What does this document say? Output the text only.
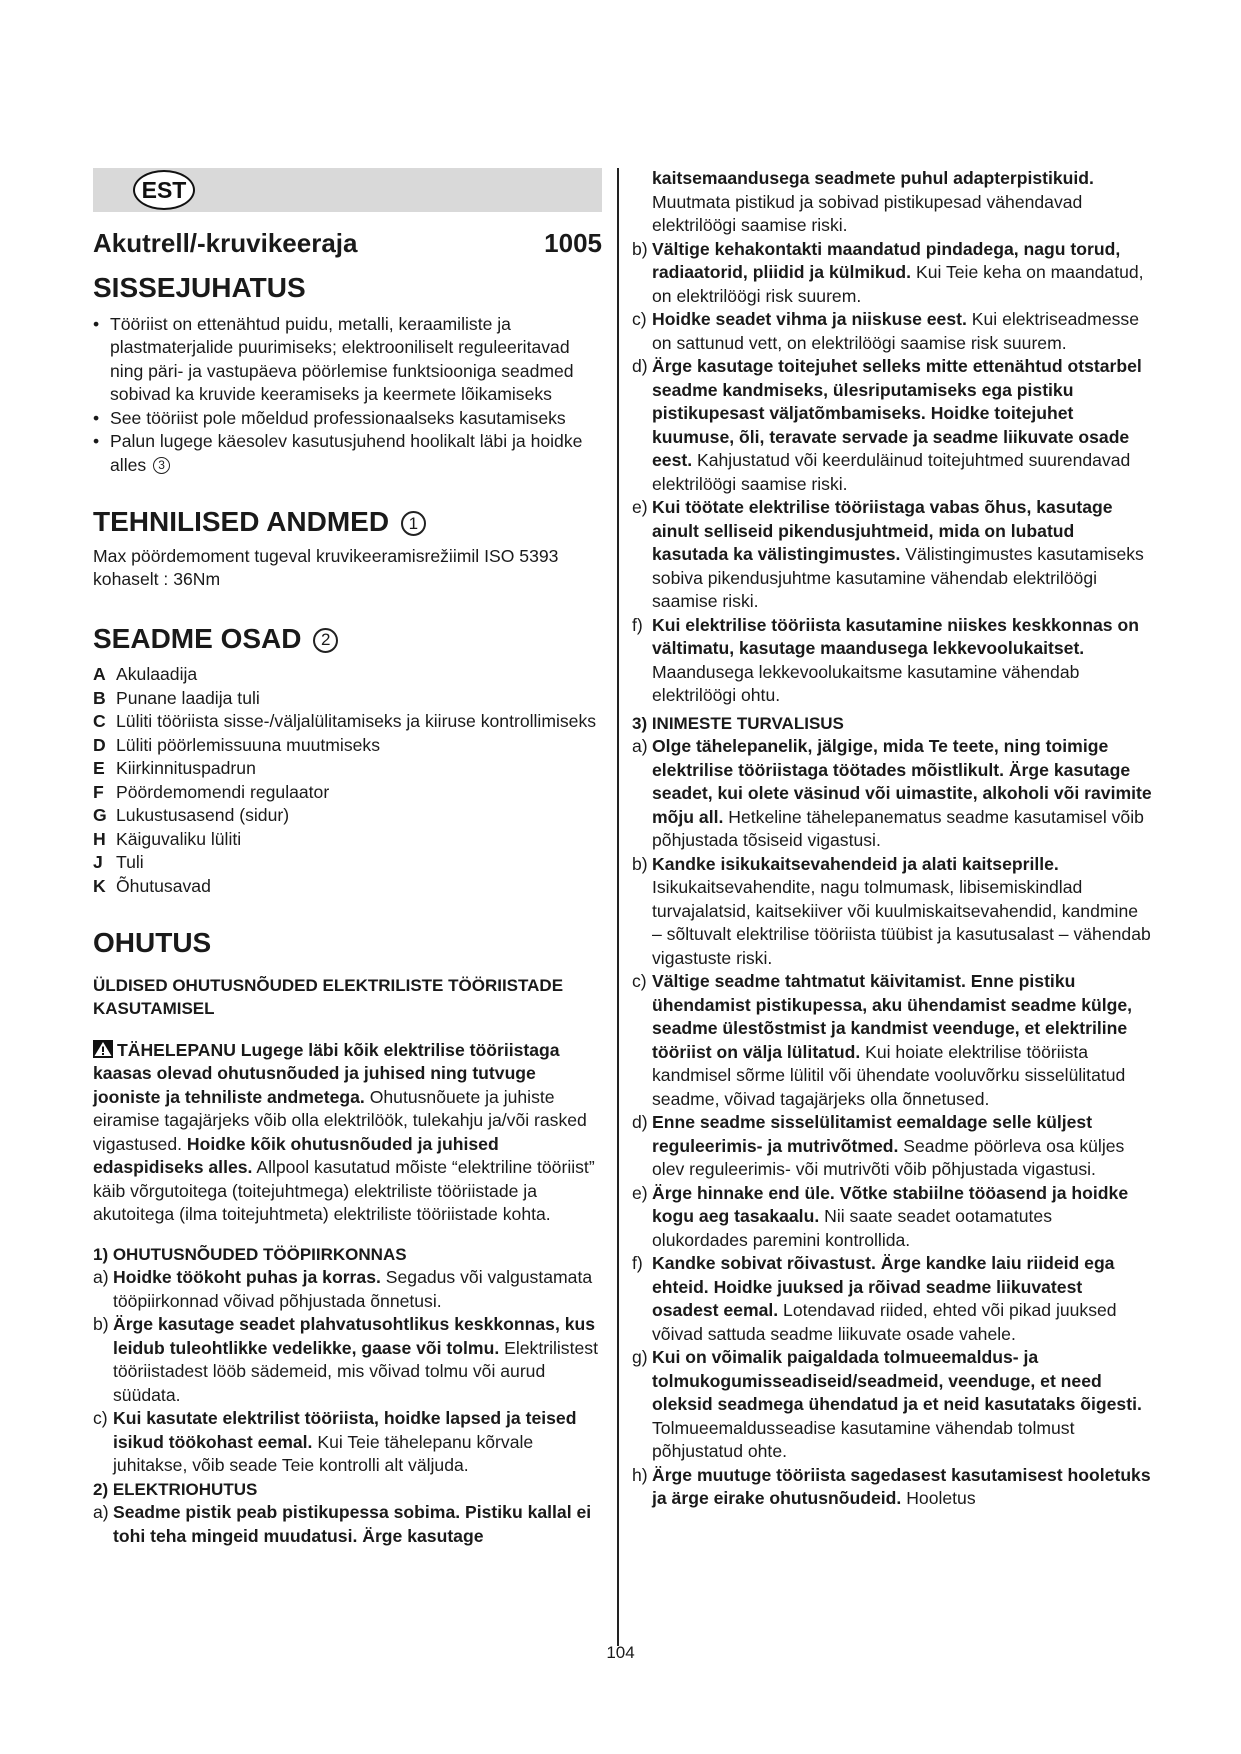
EST
Akutrell/-kruvikeeraja	1005
SISSEJUHATUS
• Tööriist on ettenähtud puidu, metalli, keraamiliste ja plastmaterjalide puurimiseks; elektrooniliselt reguleeritavad ning päri- ja vastupäeva pöörlemise funktsiooniga seadmed sobivad ka kruvide keeramiseks ja keermete lõikamiseks
• See tööriist pole mõeldud professionaalseks kasutamiseks
• Palun lugege käesolev kasutusjuhend hoolikalt läbi ja hoidke alles 3
TEHNILISED ANDMED 1

Max pöördemoment tugeval kruvikeeramisrežiimil ISO 5393 kohaselt : 36Nm

SEADME OSAD 2
A Akulaadija
B Punane laadija tuli
C Lüliti tööriista sisse-/väljalülitamiseks ja kiiruse kontrollimiseks
D Lüliti pöörlemissuuna muutmiseks
E Kiirkinnituspadrun
F Pöördemomendi regulaator
G Lukustusasend (sidur)
H Käiguvaliku lüliti
J Tuli
K Õhutusavad
OHUTUS

ÜLDISED OHUTUSNÕUDED ELEKTRILISTE TÖÖRIISTADE KASUTAMISEL

TÄHELEPANU Lugege läbi kõik elektrilise tööriistaga kaasas olevad ohutusnõuded ja juhised ning tutvuge jooniste ja tehniliste andmetega. Ohutusnõuete ja juhiste eiramise tagajärjeks võib olla elektrilöök, tulekahju ja/või rasked vigastused. Hoidke kõik ohutusnõuded ja juhised edaspidiseks alles. Allpool kasutatud mõiste “elektriline tööriist” käib võrgutoitega (toitejuhtmega) elektriliste tööriistade ja akutoitega (ilma toitejuhtmeta) elektriliste tööriistade kohta.
1) OHUTUSNÕUDED TÖÖPIIRKONNAS
a) Hoidke töökoht puhas ja korras. Segadus või valgustamata tööpiirkonnad võivad põhjustada õnnetusi.
b) Ärge kasutage seadet plahvatusohtlikus keskkonnas, kus leidub tuleohtlikke vedelikke, gaase või tolmu. Elektrilistest tööriistadest lööb sädemeid, mis võivad tolmu või aurud süüdata.
c) Kui kasutate elektrilist tööriista, hoidke lapsed ja teised isikud töökohast eemal. Kui Teie tähelepanu kõrvale juhitakse, võib seade Teie kontrolli alt väljuda.
2) ELEKTRIOHUTUS
a) Seadme pistik peab pistikupessa sobima. Pistiku kallal ei tohi teha mingeid muudatusi. Ärge kasutage
kaitsemaandusega seadmete puhul adapterpistikuid. Muutmata pistikud ja sobivad pistikupesad vähendavad elektrilöögi saamise riski.
b) Vältige kehakontakti maandatud pindadega, nagu torud, radiaatorid, pliidid ja külmikud. Kui Teie keha on maandatud, on elektrilöögi risk suurem.
c) Hoidke seadet vihma ja niiskuse eest. Kui elektriseadmesse on sattunud vett, on elektrilöögi saamise risk suurem.
d) Ärge kasutage toitejuhet selleks mitte ettenähtud otstarbel seadme kandmiseks, ülesriputamiseks ega pistiku pistikupesast väljatõmbamiseks. Hoidke toitejuhet kuumuse, õli, teravate servade ja seadme liikuvate osade eest. Kahjustatud või keerduläinud toitejuhtmed suurendavad elektrilöögi saamise riski.
e) Kui töötate elektrilise tööriistaga vabas õhus, kasutage ainult selliseid pikendusjuhtmeid, mida on lubatud kasutada ka välistingimustes. Välistingimustes kasutamiseks sobiva pikendusjuhtme kasutamine vähendab elektrilöögi saamise riski.
f) Kui elektrilise tööriista kasutamine niiskes keskkonnas on vältimatu, kasutage maandusega lekkevoolukaitset. Maandusega lekkevoolukaitsme kasutamine vähendab elektrilöögi ohtu.
3) INIMESTE TURVALISUS
a) Olge tähelepanelik, jälgige, mida Te teete, ning toimige elektrilise tööriistaga töötades mõistlikult. Ärge kasutage seadet, kui olete väsinud või uimastite, alkoholi või ravimite mõju all. Hetkeline tähelepanematus seadme kasutamisel võib põhjustada tõsiseid vigastusi.
b) Kandke isikukaitsevahendeid ja alati kaitseprille. Isikukaitsevahendite, nagu tolmumask, libisemiskindlad turvajalatsid, kaitsekiiver või kuulmiskaitsevahendid, kandmine – sõltuvalt elektrilise tööriista tüübist ja kasutusalast – vähendab vigastuste riski.
c) Vältige seadme tahtmatut käivitamist. Enne pistiku ühendamist pistikupessa, aku ühendamist seadme külge, seadme ülestõstmist ja kandmist veenduge, et elektriline tööriist on välja lülitatud. Kui hoiate elektrilise tööriista kandmisel sõrme lülitil või ühendate vooluvõrku sisselülitatud seadme, võivad tagajärjeks olla õnnetused.
d) Enne seadme sisselülitamist eemaldage selle küljest reguleerimis- ja mutrivõtmed. Seadme pöörleva osa küljes olev reguleerimis- või mutrivõti võib põhjustada vigastusi.
e) Ärge hinnake end üle. Võtke stabiilne tööasend ja hoidke kogu aeg tasakaalu. Nii saate seadet ootamatutes olukordades paremini kontrollida.
f) Kandke sobivat rõivastust. Ärge kandke laiu riideid ega ehteid. Hoidke juuksed ja rõivad seadme liikuvatest osadest eemal. Lotendavad riided, ehted või pikad juuksed võivad sattuda seadme liikuvate osade vahele.
g) Kui on võimalik paigaldada tolmueemaldus- ja tolmukogumisseadiseid/seadmeid, veenduge, et need oleksid seadmega ühendatud ja et neid kasutataks õigesti. Tolmueemaldusseadise kasutamine vähendab tolmust põhjustatud ohte.
h) Ärge muutuge tööriista sagedasest kasutamisest hooletuks ja ärge eirake ohutusnõudeid. Hooletus
104
